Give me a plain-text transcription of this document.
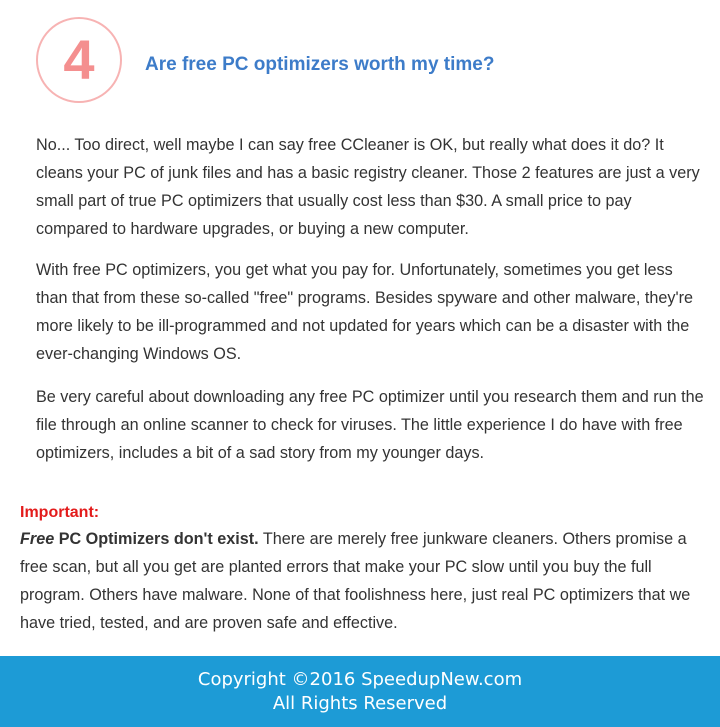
4	Are free PC optimizers worth my time?

No... Too direct, well maybe I can say free CCleaner is OK, but really what does it do? It cleans your PC of junk files and has a basic registry cleaner. Those 2 features are just a very small part of true PC optimizers that usually cost less than $30. A small price to pay compared to hardware upgrades, or buying a new computer.

With free PC optimizers, you get what you pay for. Unfortunately, sometimes you get less than that from these so-called "free" programs. Besides spyware and other malware, they're more likely to be ill-programmed and not updated for years which can be a disaster with the ever-changing Windows OS.

Be very careful about downloading any free PC optimizer until you research them and run the file through an online scanner to check for viruses. The little experience I do have with free optimizers, includes a bit of a sad story from my younger days.

Important:
Free PC Optimizers don't exist. There are merely free junkware cleaners. Others promise a free scan, but all you get are planted errors that make your PC slow until you buy the full program. Others have malware. None of that foolishness here, just real PC optimizers that we have tried, tested, and are proven safe and effective.
Copyright ©2016 SpeedupNew.com
All Rights Reserved
